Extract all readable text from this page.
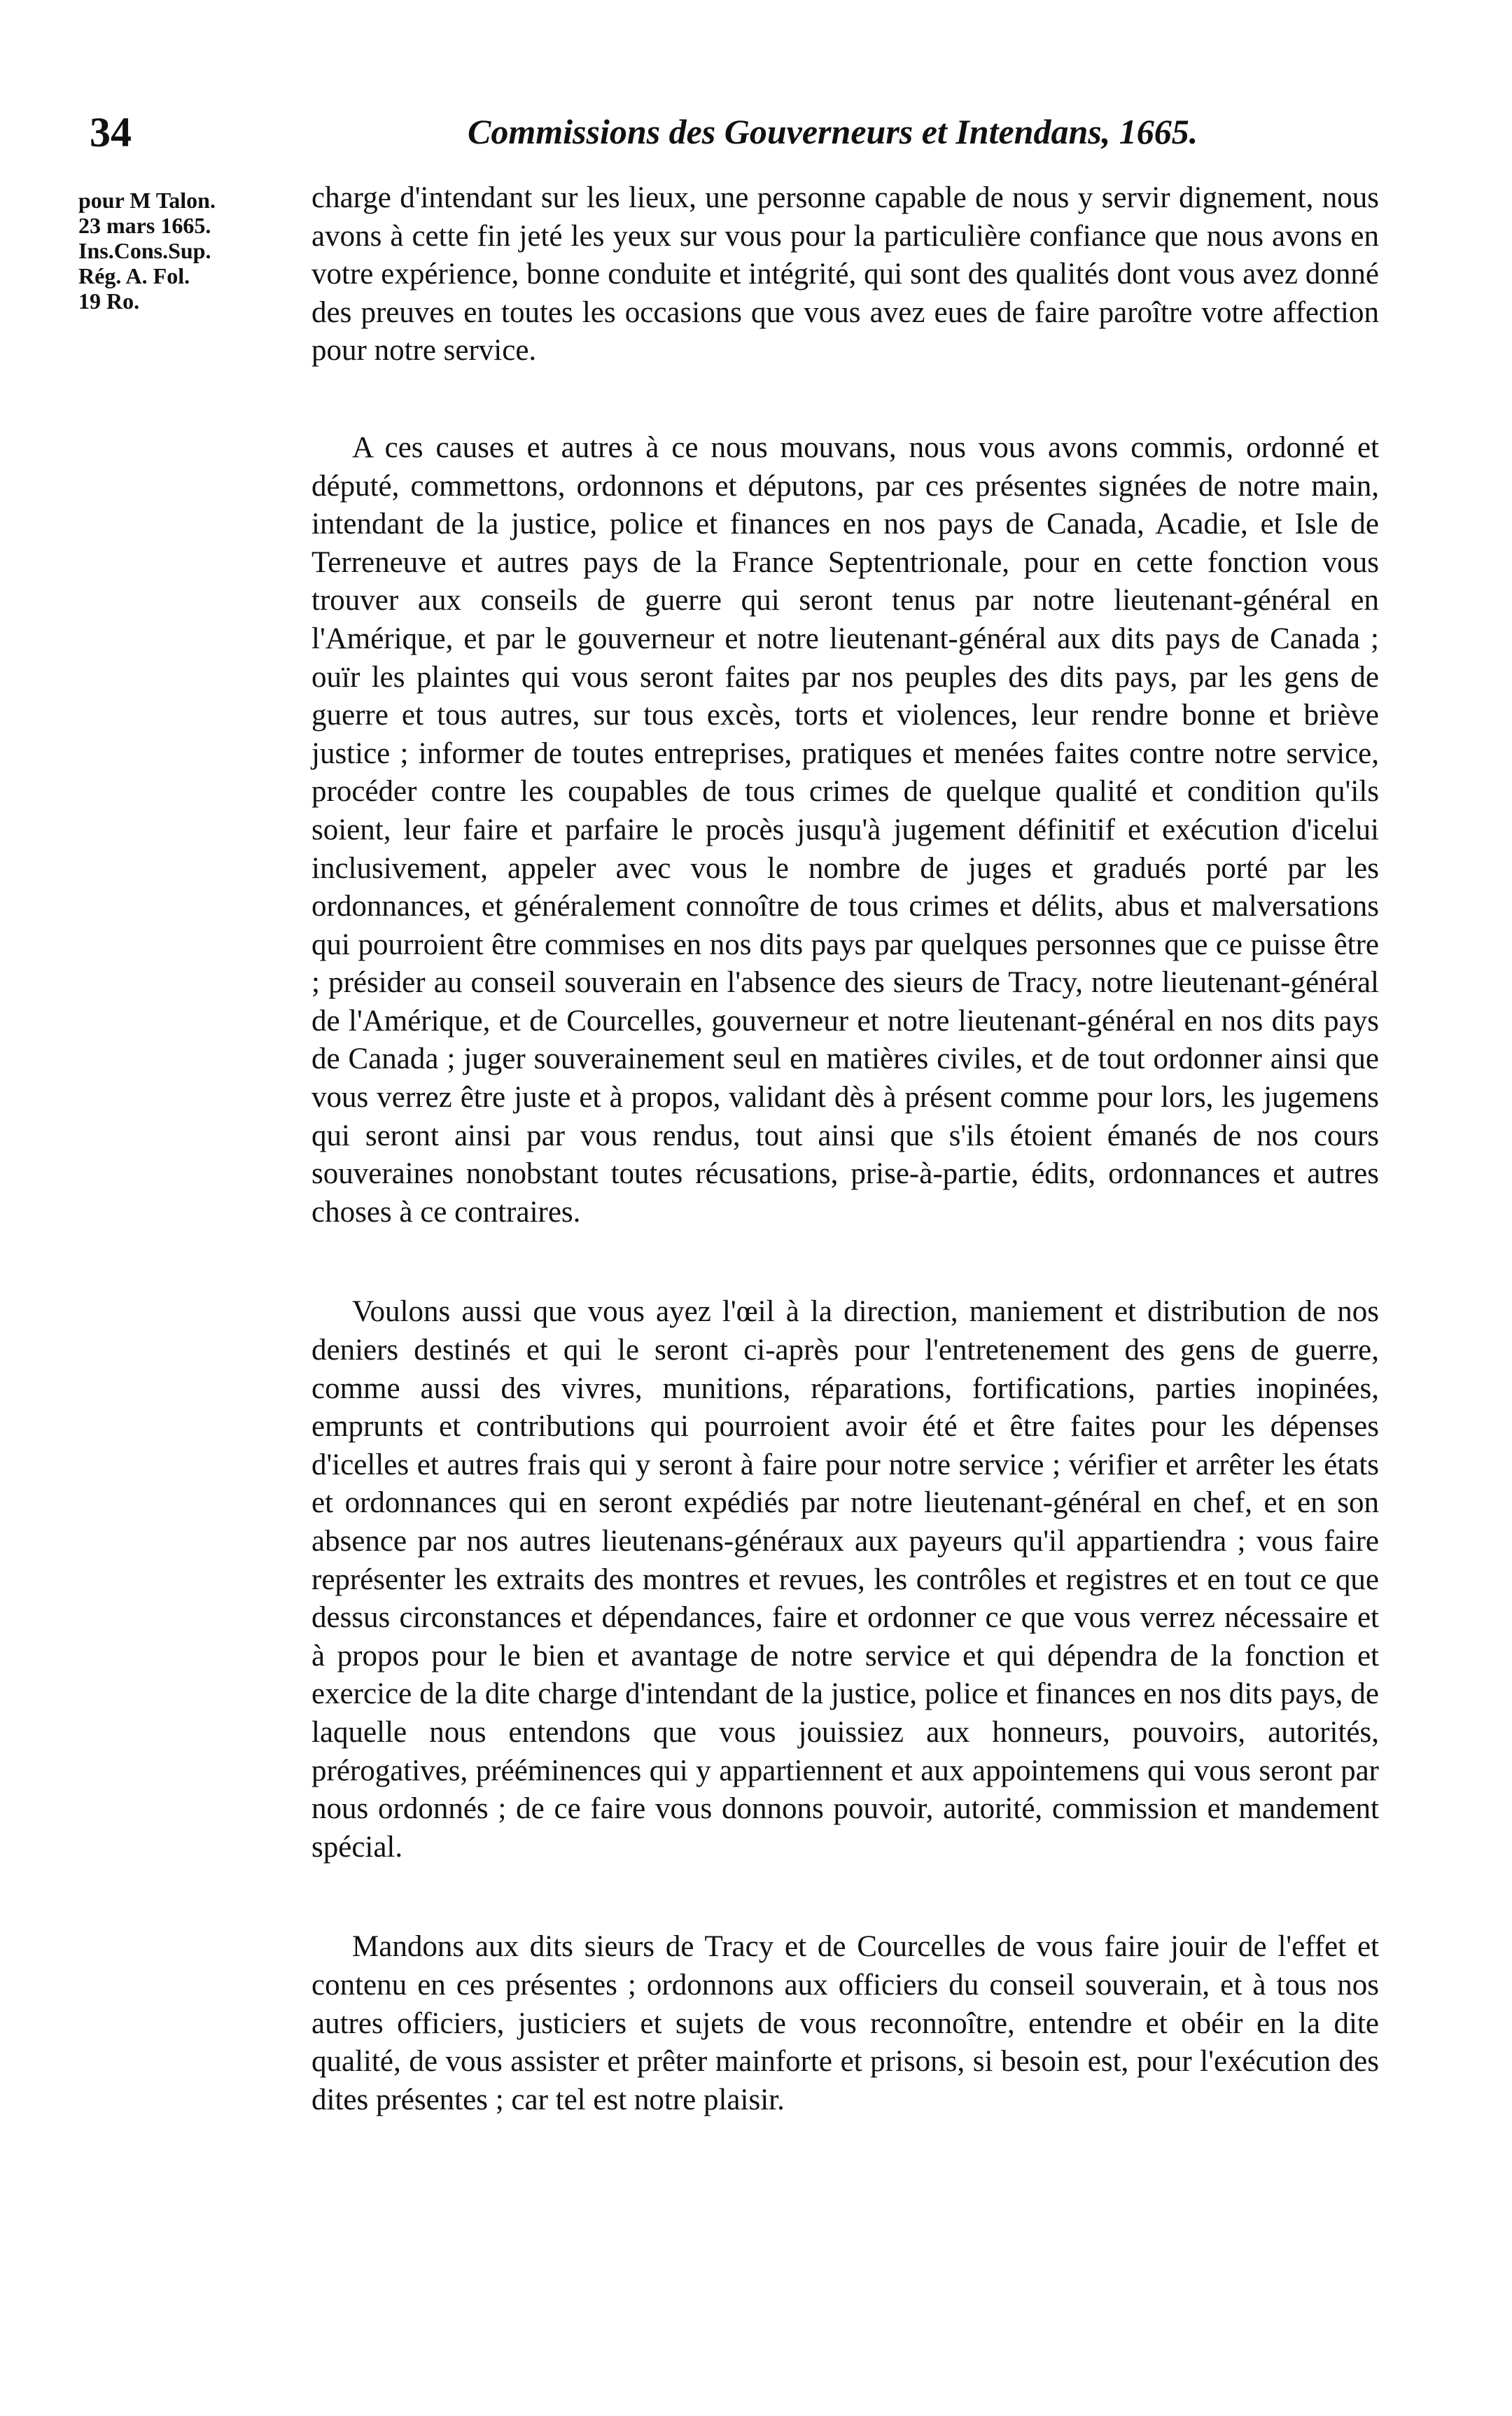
34	Commissions des Gouverneurs et Intendans, 1665.
pour M Talon.
23 mars 1665.
Ins.Cons.Sup.
Rég. A. Fol.
19 Ro.

charge d'intendant sur les lieux, une personne capable de nous y servir dignement, nous avons à cette fin jeté les yeux sur vous pour la particulière confiance que nous avons en votre expérience, bonne conduite et intégrité, qui sont des qualités dont vous avez donné des preuves en toutes les occasions que vous avez eues de faire paroître votre affection pour notre service.

A ces causes et autres à ce nous mouvans, nous vous avons commis, ordonné et député, commettons, ordonnons et députons, par ces présentes signées de notre main, intendant de la justice, police et finances en nos pays de Canada, Acadie, et Isle de Terreneuve et autres pays de la France Septentrionale, pour en cette fonction vous trouver aux conseils de guerre qui seront tenus par notre lieutenant-général en l'Amérique, et par le gouverneur et notre lieutenant-général aux dits pays de Canada ; ouïr les plaintes qui vous seront faites par nos peuples des dits pays, par les gens de guerre et tous autres, sur tous excès, torts et violences, leur rendre bonne et briève justice ; informer de toutes entreprises, pratiques et menées faites contre notre service, procéder contre les coupables de tous crimes de quelque qualité et condition qu'ils soient, leur faire et parfaire le procès jusqu'à jugement définitif et exécution d'icelui inclusivement, appeler avec vous le nombre de juges et gradués porté par les ordonnances, et généralement connoître de tous crimes et délits, abus et malversations qui pourroient être commises en nos dits pays par quelques personnes que ce puisse être ; présider au conseil souverain en l'absence des sieurs de Tracy, notre lieutenant-général de l'Amérique, et de Courcelles, gouverneur et notre lieutenant-général en nos dits pays de Canada ; juger souverainement seul en matières civiles, et de tout ordonner ainsi que vous verrez être juste et à propos, validant dès à présent comme pour lors, les jugemens qui seront ainsi par vous rendus, tout ainsi que s'ils étoient émanés de nos cours souveraines nonobstant toutes récusations, prise-à-partie, édits, ordonnances et autres choses à ce contraires.

Voulons aussi que vous ayez l'œil à la direction, maniement et distribution de nos deniers destinés et qui le seront ci-après pour l'entretenement des gens de guerre, comme aussi des vivres, munitions, réparations, fortifications, parties inopinées, emprunts et contributions qui pourroient avoir été et être faites pour les dépenses d'icelles et autres frais qui y seront à faire pour notre service ; vérifier et arrêter les états et ordonnances qui en seront expédiés par notre lieutenant-général en chef, et en son absence par nos autres lieutenans-généraux aux payeurs qu'il appartiendra ; vous faire représenter les extraits des montres et revues, les contrôles et registres et en tout ce que dessus circonstances et dépendances, faire et ordonner ce que vous verrez nécessaire et à propos pour le bien et avantage de notre service et qui dépendra de la fonction et exercice de la dite charge d'intendant de la justice, police et finances en nos dits pays, de laquelle nous entendons que vous jouissiez aux honneurs, pouvoirs, autorités, prérogatives, prééminences qui y appartiennent et aux appointemens qui vous seront par nous ordonnés ; de ce faire vous donnons pouvoir, autorité, commission et mandement spécial.

Mandons aux dits sieurs de Tracy et de Courcelles de vous faire jouir de l'effet et contenu en ces présentes ; ordonnons aux officiers du conseil souverain, et à tous nos autres officiers, justiciers et sujets de vous reconnoître, entendre et obéir en la dite qualité, de vous assister et prêter mainforte et prisons, si besoin est, pour l'exécution des dites présentes ; car tel est notre plaisir.
